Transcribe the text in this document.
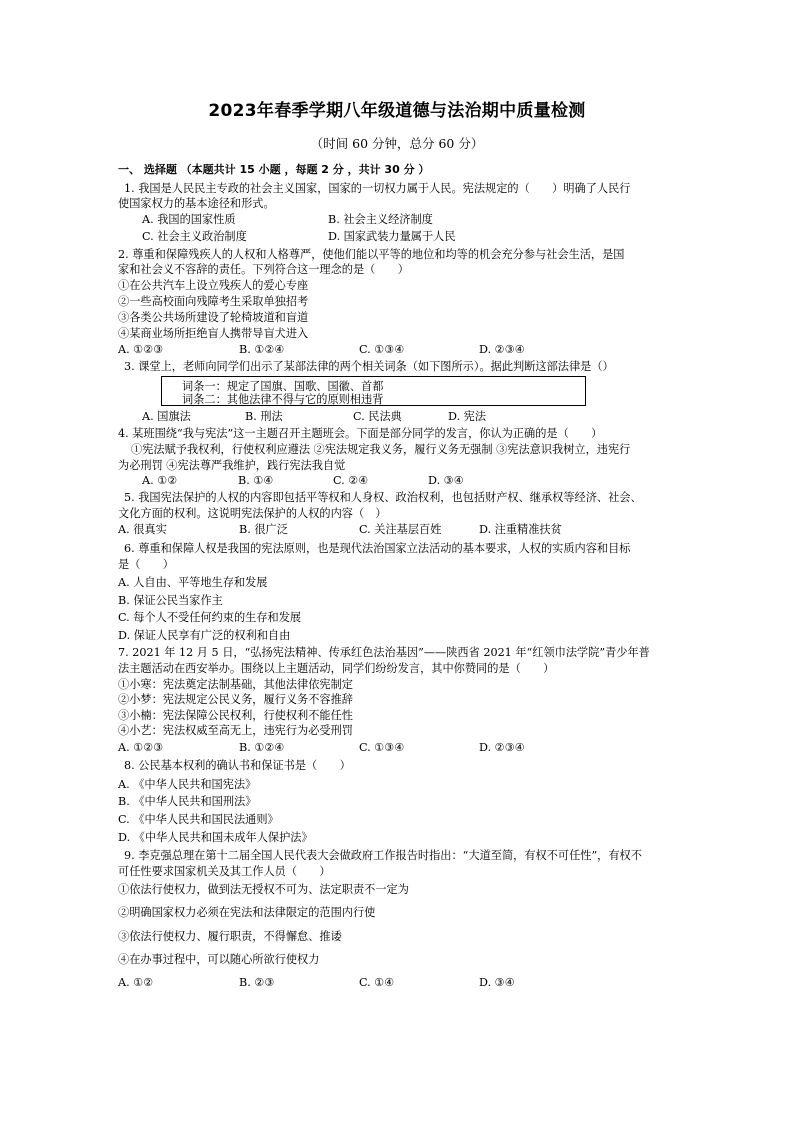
2023年春季学期八年级道德与法治期中质量检测
（时间 60 分钟，总分 60 分）
一、 选择题 （本题共计 15 小题 ，每题 2 分 ，共计 30 分 ）
1. 我国是人民民主专政的社会主义国家，国家的一切权力属于人民。宪法规定的（　　）明确了人民行
使国家权力的基本途径和形式。
A. 我国的国家性质	B. 社会主义经济制度
C. 社会主义政治制度	D. 国家武装力量属于人民
2. 尊重和保障残疾人的人权和人格尊严，使他们能以平等的地位和均等的机会充分参与社会生活，是国
家和社会义不容辞的责任。下列符合这一理念的是（　　）
①在公共汽车上设立残疾人的爱心专座
②一些高校面向残障考生采取单独招考
③各类公共场所建设了轮椅坡道和盲道
④某商业场所拒绝盲人携带导盲犬进入
A. ①②③	B. ①②④	C. ①③④	D. ②③④
3. 课堂上，老师向同学们出示了某部法律的两个相关词条（如下图所示）。据此判断这部法律是（）
词条一：规定了国旗、国歌、国徽、首都
词条二：其他法律不得与它的原则相违背
A. 国旗法	B. 刑法	C. 民法典	D. 宪法
4. 某班围绕“我与宪法”这一主题召开主题班会。下面是部分同学的发言，你认为正确的是（　　）
①宪法赋予我权利，行使权利应遵法 ②宪法规定我义务，履行义务无强制 ③宪法意识我树立，违宪行
为必刑罚 ④宪法尊严我维护，践行宪法我自觉
A. ①②	B. ①④	C. ②④	D. ③④
5. 我国宪法保护的人权的内容即包括平等权和人身权、政治权利，也包括财产权、继承权等经济、社会、
文化方面的权利。这说明宪法保护的人权的内容（　）
A. 很真实	B. 很广泛	C. 关注基层百姓	D. 注重精准扶贫
6. 尊重和保障人权是我国的宪法原则，也是现代法治国家立法活动的基本要求，人权的实质内容和目标
是（　　）
A. 人自由、平等地生存和发展
B. 保证公民当家作主
C. 每个人不受任何约束的生存和发展
D. 保证人民享有广泛的权利和自由
7. 2021 年 12 月 5 日，“弘扬宪法精神、传承红色法治基因”——陕西省 2021 年“红领巾法学院”青少年普
法主题活动在西安举办。围绕以上主题活动，同学们纷纷发言，其中你赞同的是（　　）
①小寒：宪法奠定法制基础，其他法律依宪制定
②小梦：宪法规定公民义务，履行义务不容推辞
③小楠：宪法保障公民权利，行使权利不能任性
④小艺：宪法权威至高无上，违宪行为必受刑罚
A. ①②③	B. ①②④	C. ①③④	D. ②③④
8. 公民基本权利的确认书和保证书是（　　）
A. 《中华人民共和国宪法》
B. 《中华人民共和国刑法》
C. 《中华人民共和国民法通则》
D. 《中华人民共和国未成年人保护法》
9. 李克强总理在第十二届全国人民代表大会做政府工作报告时指出：“大道至简，有权不可任性”，有权不
可任性要求国家机关及其工作人员（　　）
①依法行使权力，做到法无授权不可为、法定职责不一定为
②明确国家权力必须在宪法和法律限定的范围内行使
③依法行使权力、履行职责，不得懈怠、推诿
④在办事过程中，可以随心所欲行使权力
A. ①②	B. ②③	C. ①④	D. ③④
